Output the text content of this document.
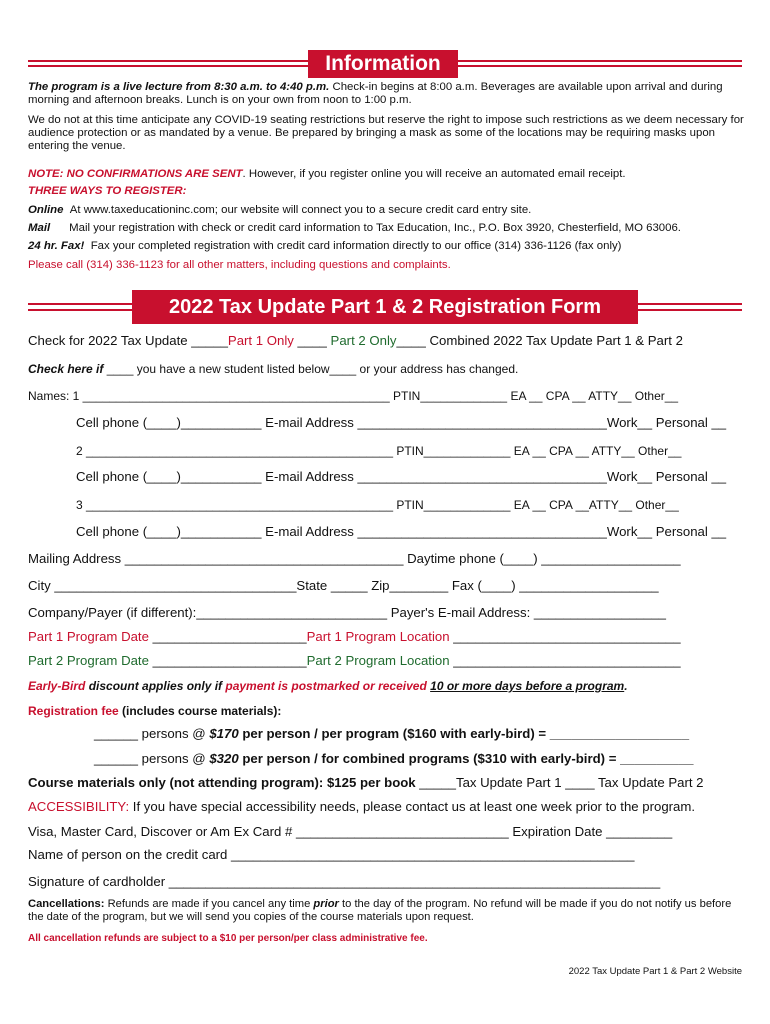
Information
The program is a live lecture from 8:30 a.m. to 4:40 p.m. Check-in begins at 8:00 a.m. Beverages are available upon arrival and during morning and afternoon breaks. Lunch is on your own from noon to 1:00 p.m.
We do not at this time anticipate any COVID-19 seating restrictions but reserve the right to impose such restrictions as we deem necessary for audience protection or as mandated by a venue. Be prepared by bringing a mask as some of the locations may be requiring masks upon entering the venue.
NOTE: NO CONFIRMATIONS ARE SENT. However, if you register online you will receive an automated email receipt.
THREE WAYS TO REGISTER:
Online At www.taxeducationinc.com; our website will connect you to a secure credit card entry site.
Mail Mail your registration with check or credit card information to Tax Education, Inc., P.O. Box 3920, Chesterfield, MO 63006.
24 hr. Fax! Fax your completed registration with credit card information directly to our office (314) 336-1126 (fax only)
Please call (314) 336-1123 for all other matters, including questions and complaints.
2022 Tax Update Part 1 & 2 Registration Form
Check for 2022 Tax Update _____Part 1 Only ____ Part 2 Only____ Combined 2022 Tax Update Part 1 & Part 2
Check here if ____ you have a new student listed below____ or your address has changed.
Names: 1 ______________________________________________ PTIN_____________ EA __ CPA __ ATTY__ Other__
Cell phone (____)___________ E-mail Address __________________________________Work__ Personal __
2 ______________________________________________ PTIN_____________ EA __ CPA __ ATTY__ Other__
Cell phone (____)___________ E-mail Address __________________________________Work__ Personal __
3 ______________________________________________ PTIN_____________ EA __ CPA __ATTY__ Other__
Cell phone (____)___________ E-mail Address __________________________________Work__ Personal __
Mailing Address ______________________________________ Daytime phone (____) ___________________
City _________________________________State _____ Zip________ Fax (____) ___________________
Company/Payer (if different):__________________________ Payer's E-mail Address: __________________
Part 1 Program Date _____________________Part 1 Program Location _______________________________
Part 2 Program Date _____________________Part 2 Program Location _______________________________
Early-Bird discount applies only if payment is postmarked or received 10 or more days before a program.
Registration fee (includes course materials):
______ persons @ $170 per person / per program ($160 with early-bird) = ___________________
______ persons @ $320 per person / for combined programs ($310 with early-bird) = __________
Course materials only (not attending program): $125 per book _____Tax Update Part 1 ____ Tax Update Part 2
ACCESSIBILITY: If you have special accessibility needs, please contact us at least one week prior to the program.
Visa, Master Card, Discover or Am Ex Card # _____________________________ Expiration Date _________
Name of person on the credit card _______________________________________________________
Signature of cardholder ___________________________________________________________________
Cancellations: Refunds are made if you cancel any time prior to the day of the program. No refund will be made if you do not notify us before the date of the program, but we will send you copies of the course materials upon request.
All cancellation refunds are subject to a $10 per person/per class administrative fee.
2022 Tax Update Part 1 & Part 2 Website
